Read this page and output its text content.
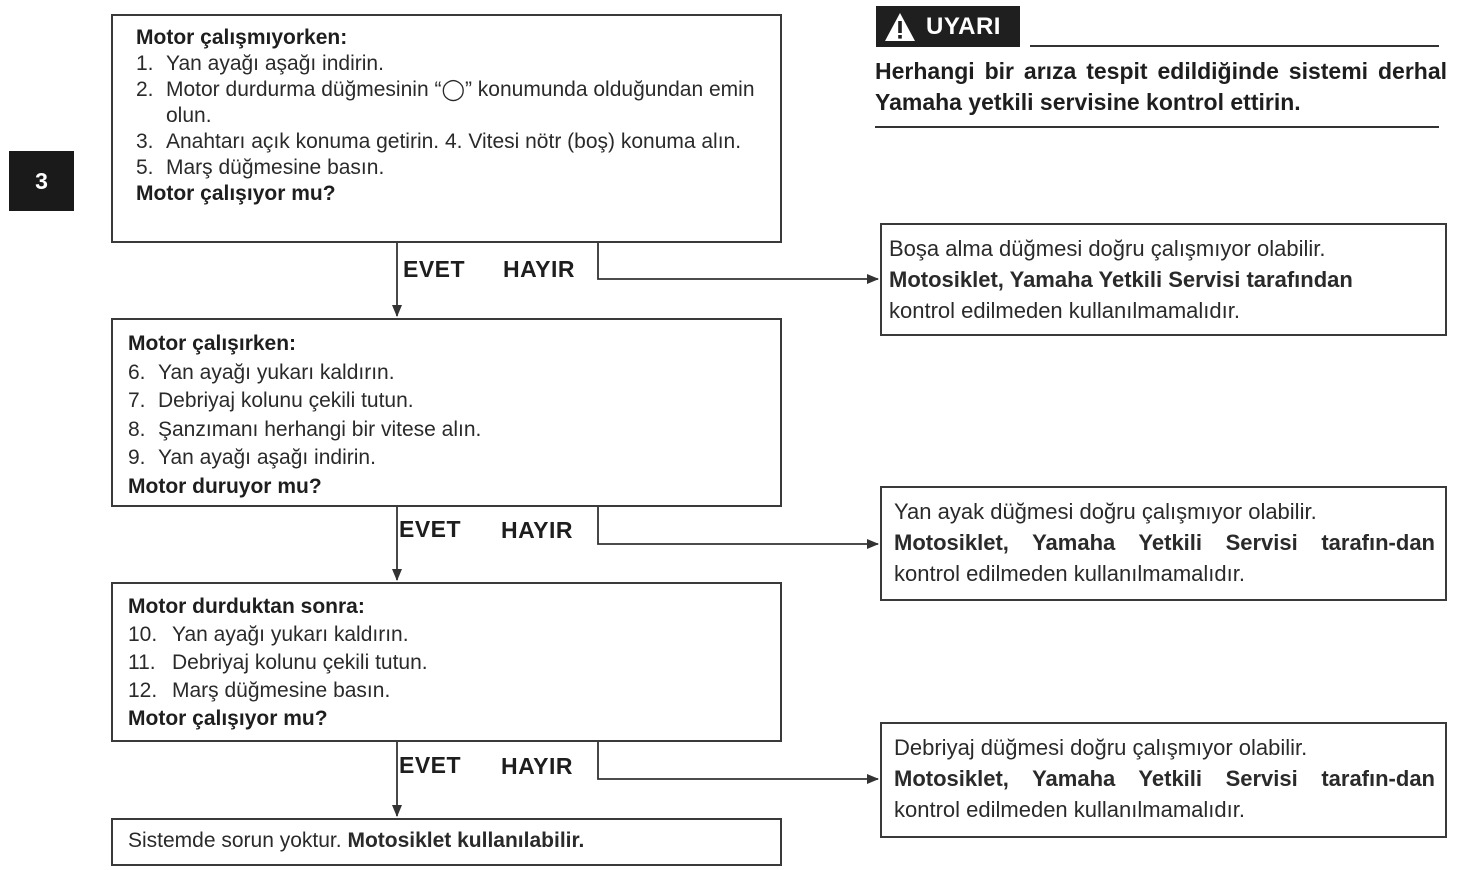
3
UYARI
Herhangi bir arıza tespit edildiğinde sistemi derhal Yamaha yetkili servisine kontrol ettirin.
Motor çalışmıyorken:
1. Yan ayağı aşağı indirin.
2. Motor durdurma düğmesinin “◯” konumunda olduğundan emin olun.
3. Anahtarı açık konuma getirin. 4. Vitesi nötr (boş) konuma alın.
5. Marş düğmesine basın.
Motor çalışıyor mu?
Motor çalışırken:
6. Yan ayağı yukarı kaldırın.
7. Debriyaj kolunu çekili tutun.
8. Şanzımanı herhangi bir vitese alın.
9. Yan ayağı aşağı indirin.
Motor duruyor mu?
Motor durduktan sonra:
10. Yan ayağı yukarı kaldırın.
11. Debriyaj kolunu çekili tutun.
12. Marş düğmesine basın.
Motor çalışıyor mu?
Sistemde sorun yoktur. Motosiklet kullanılabilir.
EVET HAYIR
EVET HAYIR
EVET HAYIR
Boşa alma düğmesi doğru çalışmıyor olabilir.
Motosiklet, Yamaha Yetkili Servisi tarafından
kontrol edilmeden kullanılmamalıdır.
Yan ayak düğmesi doğru çalışmıyor olabilir.
Motosiklet, Yamaha Yetkili Servisi tarafın-dan kontrol edilmeden kullanılmamalıdır.
Debriyaj düğmesi doğru çalışmıyor olabilir.
Motosiklet, Yamaha Yetkili Servisi tarafın-dan kontrol edilmeden kullanılmamalıdır.
